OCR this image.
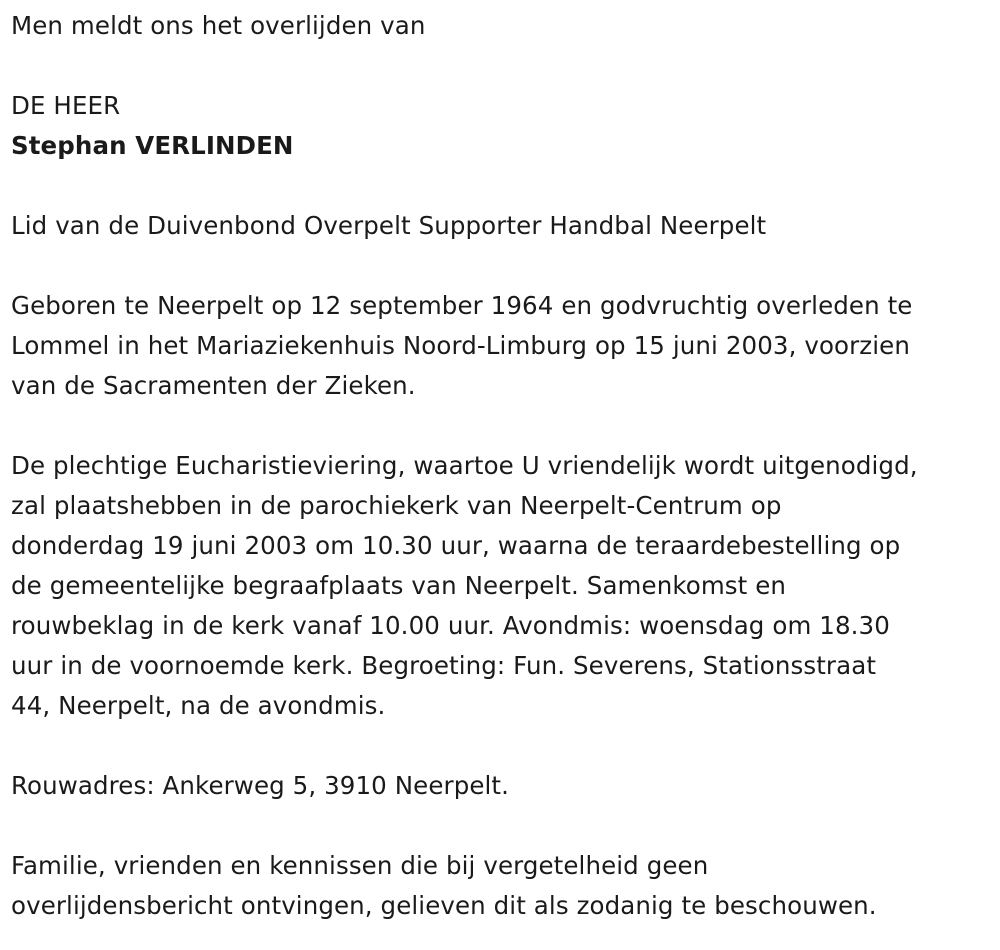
Men meldt ons het overlijden van

DE HEER

Stephan VERLINDEN

Lid van de Duivenbond Overpelt Supporter Handbal Neerpelt

Geboren te Neerpelt op 12 september 1964 en godvruchtig overleden te
Lommel in het Mariaziekenhuis Noord-Limburg op 15 juni 2003, voorzien
van de Sacramenten der Zieken.

De plechtige Eucharistieviering, waartoe U vriendelijk wordt uitgenodigd,
zal plaatshebben in de parochiekerk van Neerpelt-Centrum op
donderdag 19 juni 2003 om 10.30 uur, waarna de teraardebestelling op
de gemeentelijke begraafplaats van Neerpelt. Samenkomst en
rouwbeklag in de kerk vanaf 10.00 uur. Avondmis: woensdag om 18.30
uur in de voornoemde kerk. Begroeting: Fun. Severens, Stationsstraat
44, Neerpelt, na de avondmis.

Rouwadres: Ankerweg 5, 3910 Neerpelt.

Familie, vrienden en kennissen die bij vergetelheid geen
overlijdensbericht ontvingen, gelieven dit als zodanig te beschouwen.
